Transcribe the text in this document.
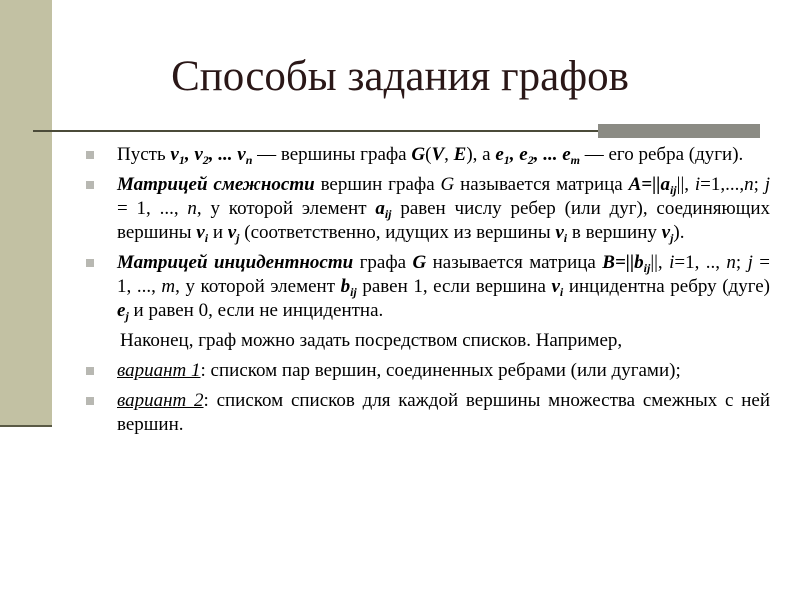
Способы задания графов
Пусть $v_1$, $v_2$, ... $v_n$ — вершины графа G(V, E), а $e_1$, $e_2$, ... $e_m$ — его ребра (дуги).
Матрицей смежности вершин графа G называется матрица $A=||a_{ij}||$, i=1,...,n; j = 1, ..., n, у которой элемент $a_{ij}$ равен числу ребер (или дуг), соединяющих вершины $v_i$ и $v_j$ (соответственно, идущих из вершины $v_i$ в вершину $v_j$).
Матрицей инцидентности графа G называется матрица $B=||b_{ij}||$, i=1, .., n; j = 1, ..., m, у которой элемент $b_{ij}$ равен 1, если вершина $v_i$ инцидентна ребру (дуге) $e_j$ и равен 0, если не инцидентна.
Наконец, граф можно задать посредством списков. Например,
вариант 1: списком пар вершин, соединенных ребрами (или дугами);
вариант 2: списком списков для каждой вершины множества смежных с ней вершин.
